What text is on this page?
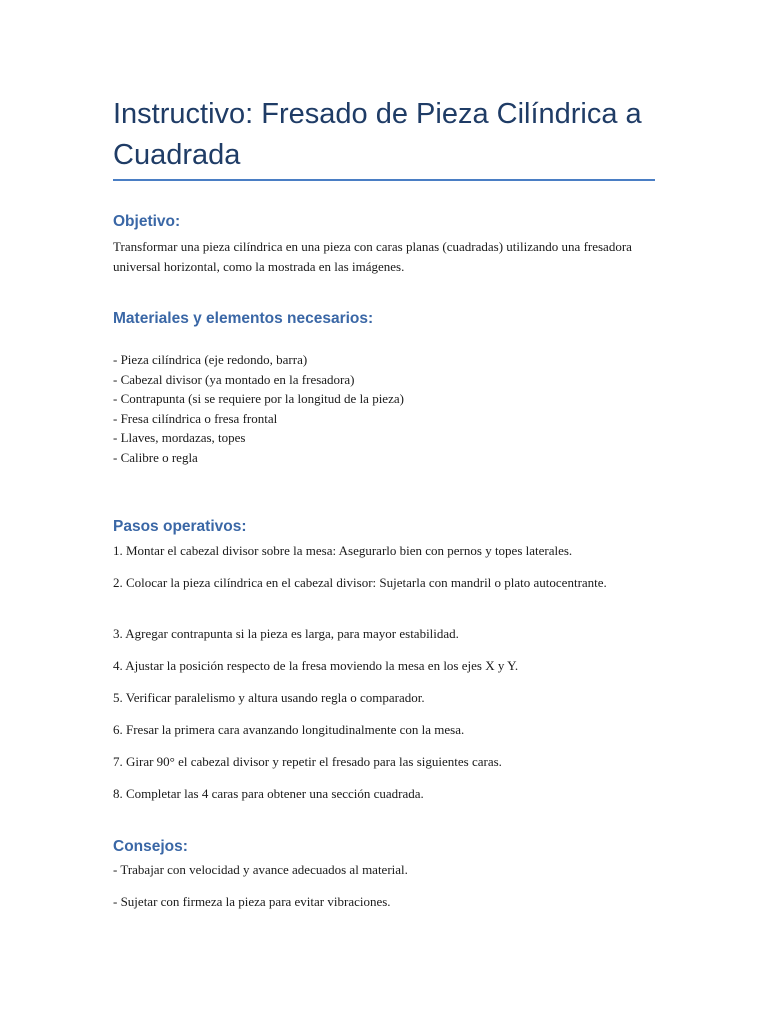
Instructivo: Fresado de Pieza Cilíndrica a Cuadrada
Objetivo:

Transformar una pieza cilíndrica en una pieza con caras planas (cuadradas) utilizando una fresadora universal horizontal, como la mostrada en las imágenes.

Materiales y elementos necesarios:
- Pieza cilíndrica (eje redondo, barra)
- Cabezal divisor (ya montado en la fresadora)
- Contrapunta (si se requiere por la longitud de la pieza)
- Fresa cilíndrica o fresa frontal
- Llaves, mordazas, topes
- Calibre o regla
Pasos operativos:

1. Montar el cabezal divisor sobre la mesa: Asegurarlo bien con pernos y topes laterales.

2. Colocar la pieza cilíndrica en el cabezal divisor: Sujetarla con mandril o plato autocentrante.

3. Agregar contrapunta si la pieza es larga, para mayor estabilidad.

4. Ajustar la posición respecto de la fresa moviendo la mesa en los ejes X y Y.

5. Verificar paralelismo y altura usando regla o comparador.

6. Fresar la primera cara avanzando longitudinalmente con la mesa.

7. Girar 90° el cabezal divisor y repetir el fresado para las siguientes caras.

8. Completar las 4 caras para obtener una sección cuadrada.

Consejos:

- Trabajar con velocidad y avance adecuados al material.

- Sujetar con firmeza la pieza para evitar vibraciones.
